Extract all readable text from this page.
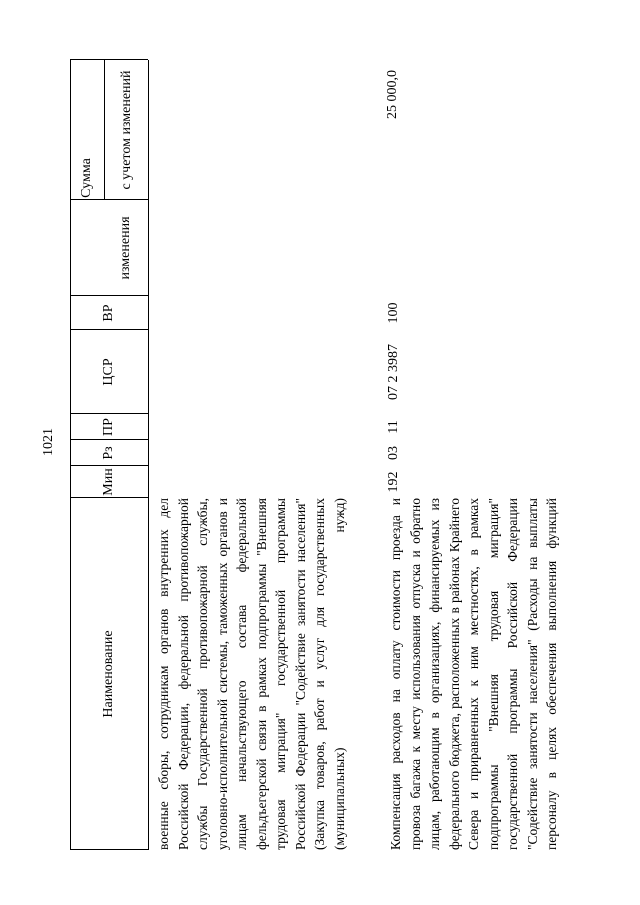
1021
Наименование
Мин
Рз
ПР
ЦСР
ВР
Сумма
изменения
с учетом изменений
военные сборы, сотрудникам органов внутренних дел Российской Федерации, федеральной противопожарной службы Государственной противопожарной службы, уголовно-исполнительной системы, таможенных органов и лицам начальствующего состава федеральной фельдъегерской связи в рамках подпрограммы "Внешняя трудовая миграция" государственной программы Российской Федерации "Содействие занятости населения" (Закупка товаров, работ и услуг для государственных (муниципальных) нужд)	Компенсация расходов на оплату стоимости проезда и провоза багажа к месту использования отпуска и обратно лицам, работающим в организациях, финансируемых из федерального бюджета, расположенных в районах Крайнего Севера и приравненных к ним местностях, в рамках подпрограммы "Внешняя трудовая миграция" государственной программы Российской Федерации "Содействие занятости населения" (Расходы на выплаты персоналу в целях обеспечения выполнения функций
192
03
11
07 2 3987
100
25 000,0
